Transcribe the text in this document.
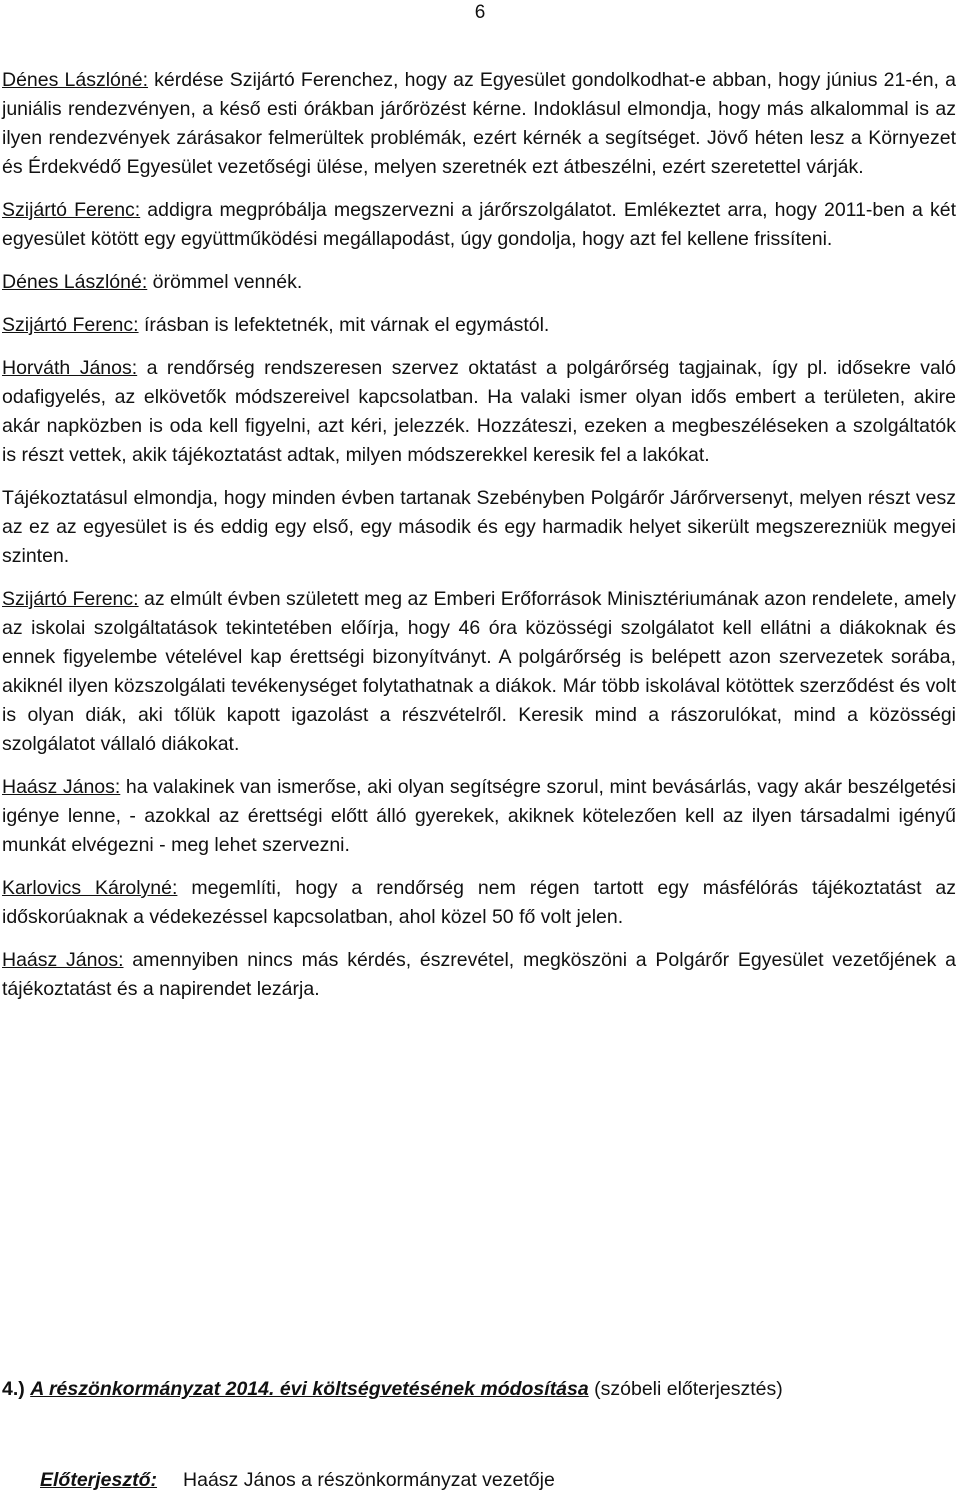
6

Dénes Lászlóné: kérdése Szijártó Ferenchez, hogy az Egyesület gondolkodhat-e abban, hogy június 21-én, a juniális rendezvényen, a késő esti órákban járőrözést kérne. Indoklásul elmondja, hogy más alkalommal is az ilyen rendezvények zárásakor felmerültek problémák, ezért kérnék a segítséget. Jövő héten lesz a Környezet és Érdekvédő Egyesület vezetőségi ülése, melyen szeretnék ezt átbeszélni, ezért szeretettel várják.

Szijártó Ferenc: addigra megpróbálja megszervezni a járőrszolgálatot. Emlékeztet arra, hogy 2011-ben a két egyesület kötött egy együttműködési megállapodást, úgy gondolja, hogy azt fel kellene frissíteni.

Dénes Lászlóné: örömmel vennék.

Szijártó Ferenc: írásban is lefektetnék, mit várnak el egymástól.

Horváth János: a rendőrség rendszeresen szervez oktatást a polgárőrség tagjainak, így pl. idősekre való odafigyelés, az elkövetők módszereivel kapcsolatban. Ha valaki ismer olyan idős embert a területen, akire akár napközben is oda kell figyelni, azt kéri, jelezzék. Hozzáteszi, ezeken a megbeszéléseken a szolgáltatók is részt vettek, akik tájékoztatást adtak, milyen módszerekkel keresik fel a lakókat.

Tájékoztatásul elmondja, hogy minden évben tartanak Szebényben Polgárőr Járőrversenyt, melyen részt vesz az ez az egyesület is és eddig egy első, egy második és egy harmadik helyet sikerült megszerezniük megyei szinten.

Szijártó Ferenc: az elmúlt évben született meg az Emberi Erőforrások Minisztériumának azon rendelete, amely az iskolai szolgáltatások tekintetében előírja, hogy 46 óra közösségi szolgálatot kell ellátni a diákoknak és ennek figyelembe vételével kap érettségi bizonyítványt. A polgárőrség is belépett azon szervezetek sorába, akiknél ilyen közszolgálati tevékenységet folytathatnak a diákok. Már több iskolával kötöttek szerződést és volt is olyan diák, aki tőlük kapott igazolást a részvételről. Keresik mind a rászorulókat, mind a közösségi szolgálatot vállaló diákokat.

Haász János: ha valakinek van ismerőse, aki olyan segítségre szorul, mint bevásárlás, vagy akár beszélgetési igénye lenne, - azokkal az érettségi előtt álló gyerekek, akiknek kötelezően kell az ilyen társadalmi igényű munkát elvégezni - meg lehet szervezni.

Karlovics Károlyné: megemlíti, hogy a rendőrség nem régen tartott egy másfélórás tájékoztatást az időskorúaknak a védekezéssel kapcsolatban, ahol közel 50 fő volt jelen.

Haász János: amennyiben nincs más kérdés, észrevétel, megköszöni a Polgárőr Egyesület vezetőjének a tájékoztatást és a napirendet lezárja.

4.) A részönkormányzat 2014. évi költségvetésének módosítása (szóbeli előterjesztés)
Előterjesztő: Haász János a részönkormányzat vezetője
